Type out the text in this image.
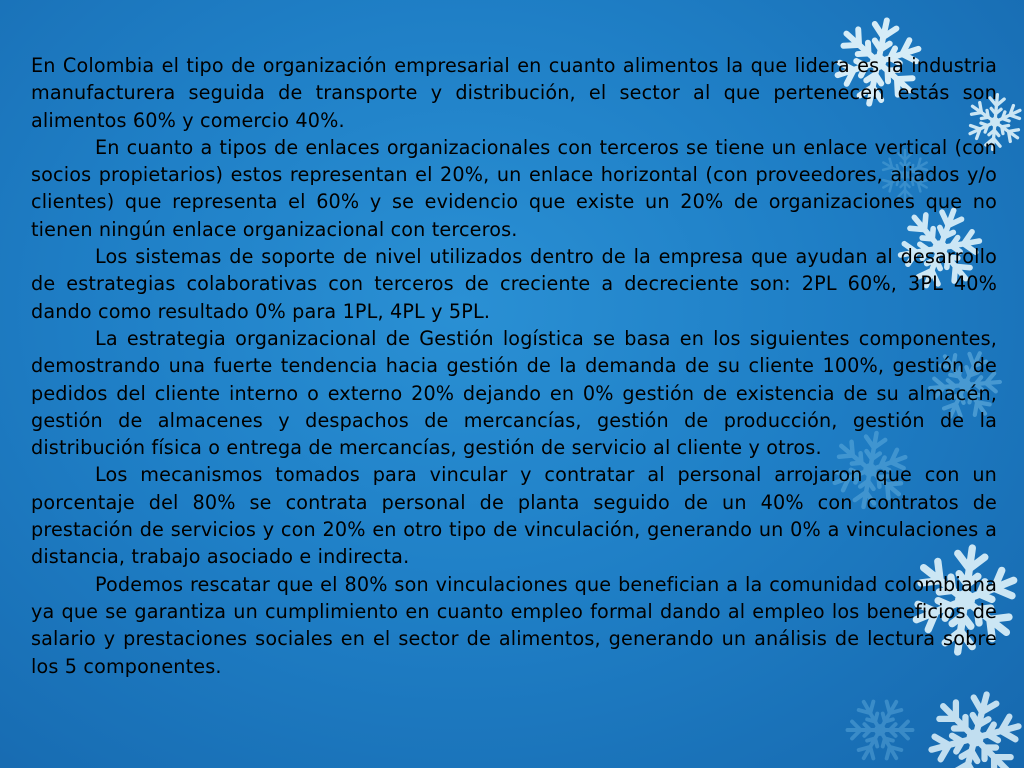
En Colombia el tipo de organización empresarial en cuanto alimentos la que lidera es la industria manufacturera seguida de transporte y distribución, el sector al que pertenecen estás son alimentos 60% y comercio 40%.

En cuanto a tipos de enlaces organizacionales con terceros se tiene un enlace vertical (con socios propietarios) estos representan el 20%, un enlace horizontal (con proveedores, aliados y/o clientes) que representa el 60% y se evidencio que existe un 20% de organizaciones que no tienen ningún enlace organizacional con terceros.

Los sistemas de soporte de nivel utilizados dentro de la empresa que ayudan al desarrollo de estrategias colaborativas con terceros de creciente a decreciente son: 2PL 60%, 3PL 40% dando como resultado 0% para 1PL, 4PL y 5PL.

La estrategia organizacional de Gestión logística se basa en los siguientes componentes, demostrando una fuerte tendencia hacia gestión de la demanda de su cliente 100%, gestión de pedidos del cliente interno o externo 20% dejando en 0% gestión de existencia de su almacén, gestión de almacenes y despachos de mercancías, gestión de producción, gestión de la distribución física o entrega de mercancías, gestión de servicio al cliente y otros.

Los mecanismos tomados para vincular y contratar al personal arrojaron que con un porcentaje del 80% se contrata personal de planta seguido de un 40% con contratos de prestación de servicios y con 20% en otro tipo de vinculación, generando un 0% a vinculaciones a distancia, trabajo asociado e indirecta.

Podemos rescatar que el 80% son vinculaciones que benefician a la comunidad colombiana ya que se garantiza un cumplimiento en cuanto empleo formal dando al empleo los beneficios de salario y prestaciones sociales en el sector de alimentos, generando un análisis de lectura sobre los 5 componentes.
